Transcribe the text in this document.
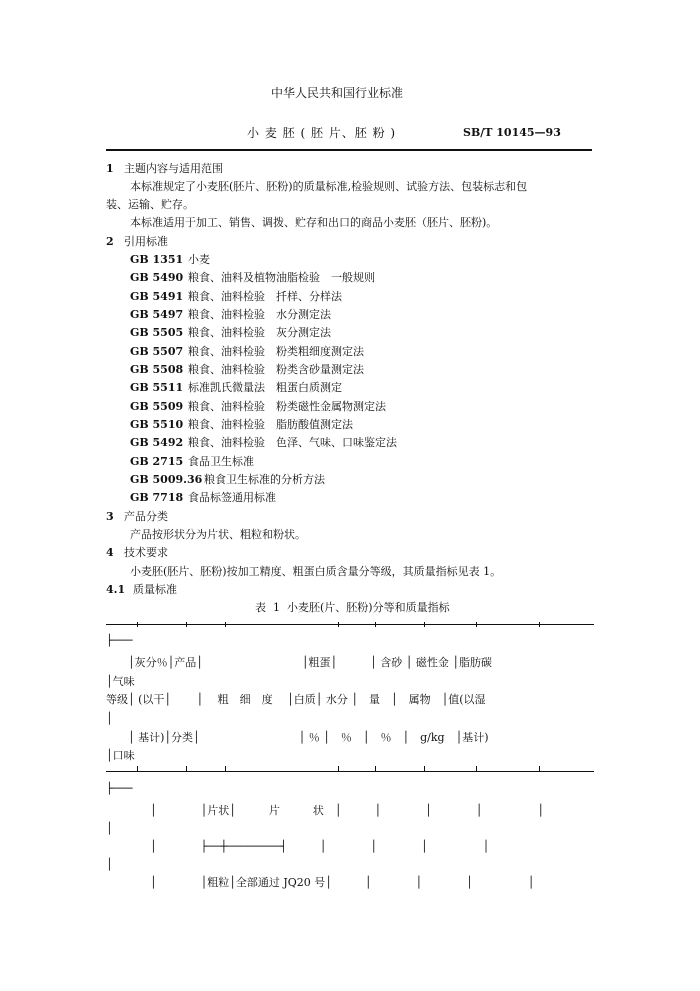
中华人民共和国行业标准
小 麦 胚 ( 胚 片、胚 粉 )	SB/T 10145—93
1 主题内容与适用范围
本标准规定了小麦胚(胚片、胚粉)的质量标准,检验规则、试验方法、包装标志和包
装、运输、贮存。
本标准适用于加工、销售、调拨、贮存和出口的商品小麦胚（胚片、胚粉)。
2 引用标准
GB 1351 小麦
GB 5490 粮食、油料及植物油脂检验　一般规则
GB 5491 粮食、油料检验　扦样、分样法
GB 5497 粮食、油料检验　水分测定法
GB 5505 粮食、油料检验　灰分测定法
GB 5507 粮食、油料检验　粉类粗细度测定法
GB 5508 粮食、油料检验　粉类含砂量测定法
GB 5511 标准凯氏微量法　粗蛋白质测定
GB 5509 粮食、油料检验　粉类磁性金属物测定法
GB 5510 粮食、油料检验　脂肪酸值测定法
GB 5492 粮食、油料检验　色泽、气味、口味鉴定法
GB 2715 食品卫生标准
GB 5009.36 粮食卫生标准的分析方法
GB 7718 食品标签通用标准
3 产品分类
产品按形状分为片状、粗粒和粉状。
4 技术要求
小麦胚(胚片、胚粉)按加工精度、粗蛋白质含量分等级，其质量指标见表 1。
4.1 质量标准
表  1  小麦胚(片、胚粉)分等和质量指标
├───
　　│灰分％│产品│　　　　　　　　　│粗蛋│　　　│ 含砂 │ 磁性金 │脂肪碳
│气味
等级│ (以干│　　 │　 粗　细　度　 │白质│ 水分 │　量　│　属物　│值(以湿
│
　　│ 基计)│分类│　　　　　　　　　│ ％ │　％　│　％　│　g/kg　│基计)
│口味
├───
　　　　│　　　　│片状│　　　片　　　状　│　　　│　　　　│　　　　│　　　　　│
│
　　　　│　　　　├──┼────────┤　　　│　　　　│　　　　│　　　　　│
│
　　　　│　　　　│粗粒│全部通过 JQ20 号│　　　│　　　　│　　　　│　　　　　│
